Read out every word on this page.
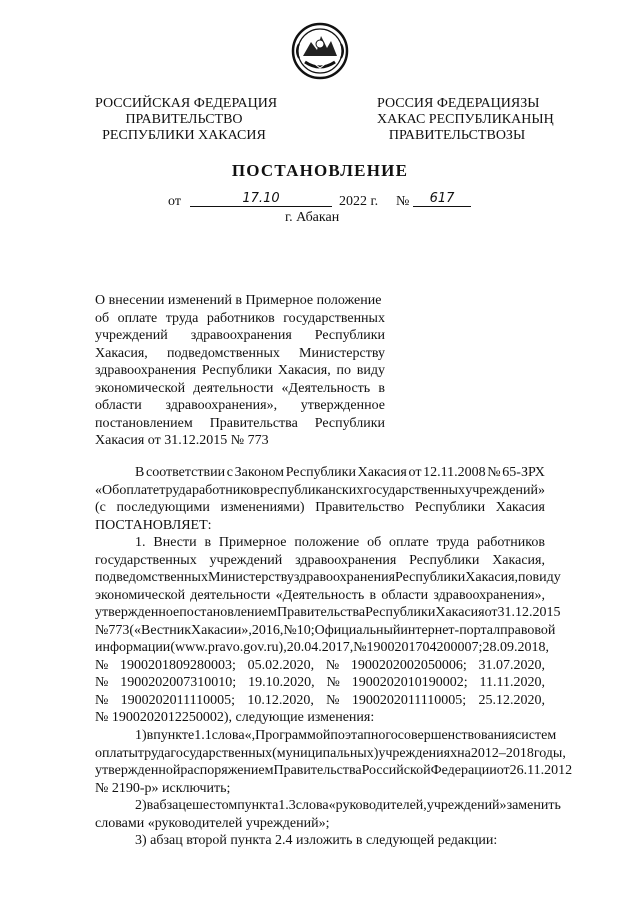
РОССИЙСКАЯ ФЕДЕРАЦИЯ
ПРАВИТЕЛЬСТВО
РЕСПУБЛИКИ ХАКАСИЯ
РОССИЯ ФЕДЕРАЦИЯЗЫ
ХАКАС РЕСПУБЛИКАНЫҢ
ПРАВИТЕЛЬСТВОЗЫ
ПОСТАНОВЛЕНИЕ
от	17.10	2022 г. №	617
г. Абакан
О внесении изменений в Примерное положение
об оплате труда работников государственных
учреждений здравоохранения Республики
Хакасия, подведомственных Министерству
здравоохранения Республики Хакасия, по виду
экономической деятельности «Деятельность в
области здравоохранения», утвержденное
постановлением Правительства Республики
Хакасия от 31.12.2015 № 773
В соответствии с Законом Республики Хакасия от 12.11.2008 № 65-ЗРХ
«Об оплате труда работников республиканских государственных учреждений»
(с последующими изменениями) Правительство Республики Хакасия
ПОСТАНОВЛЯЕТ:
1. Внести в Примерное положение об оплате труда работников
государственных учреждений здравоохранения Республики Хакасия,
подведомственных Министерству здравоохранения Республики Хакасия, по виду
экономической деятельности «Деятельность в области здравоохранения»,
утвержденное постановлением Правительства Республики Хакасия от 31.12.2015
№ 773 («Вестник Хакасии», 2016, № 10; Официальный интернет-портал правовой
информации (www.pravo.gov.ru), 20.04.2017, № 1900201704200007; 28.09.2018,
№ 1900201809280003; 05.02.2020, № 1900202002050006; 31.07.2020,
№ 1900202007310010; 19.10.2020, № 1900202010190002; 11.11.2020,
№ 1900202011110005; 10.12.2020, № 1900202011110005; 25.12.2020,
№ 1900202012250002), следующие изменения:
1) в пункте 1.1 слова «, Программой поэтапного совершенствования систем
оплаты труда государственных (муниципальных) учреждениях на 2012–2018 годы,
утвержденной распоряжением Правительства Российской Федерации от 26.11.2012
№ 2190-р» исключить;
2) в абзаце шестом пункта 1.3 слова «руководителей, учреждений» заменить
словами «руководителей учреждений»;
3) абзац второй пункта 2.4 изложить в следующей редакции:
